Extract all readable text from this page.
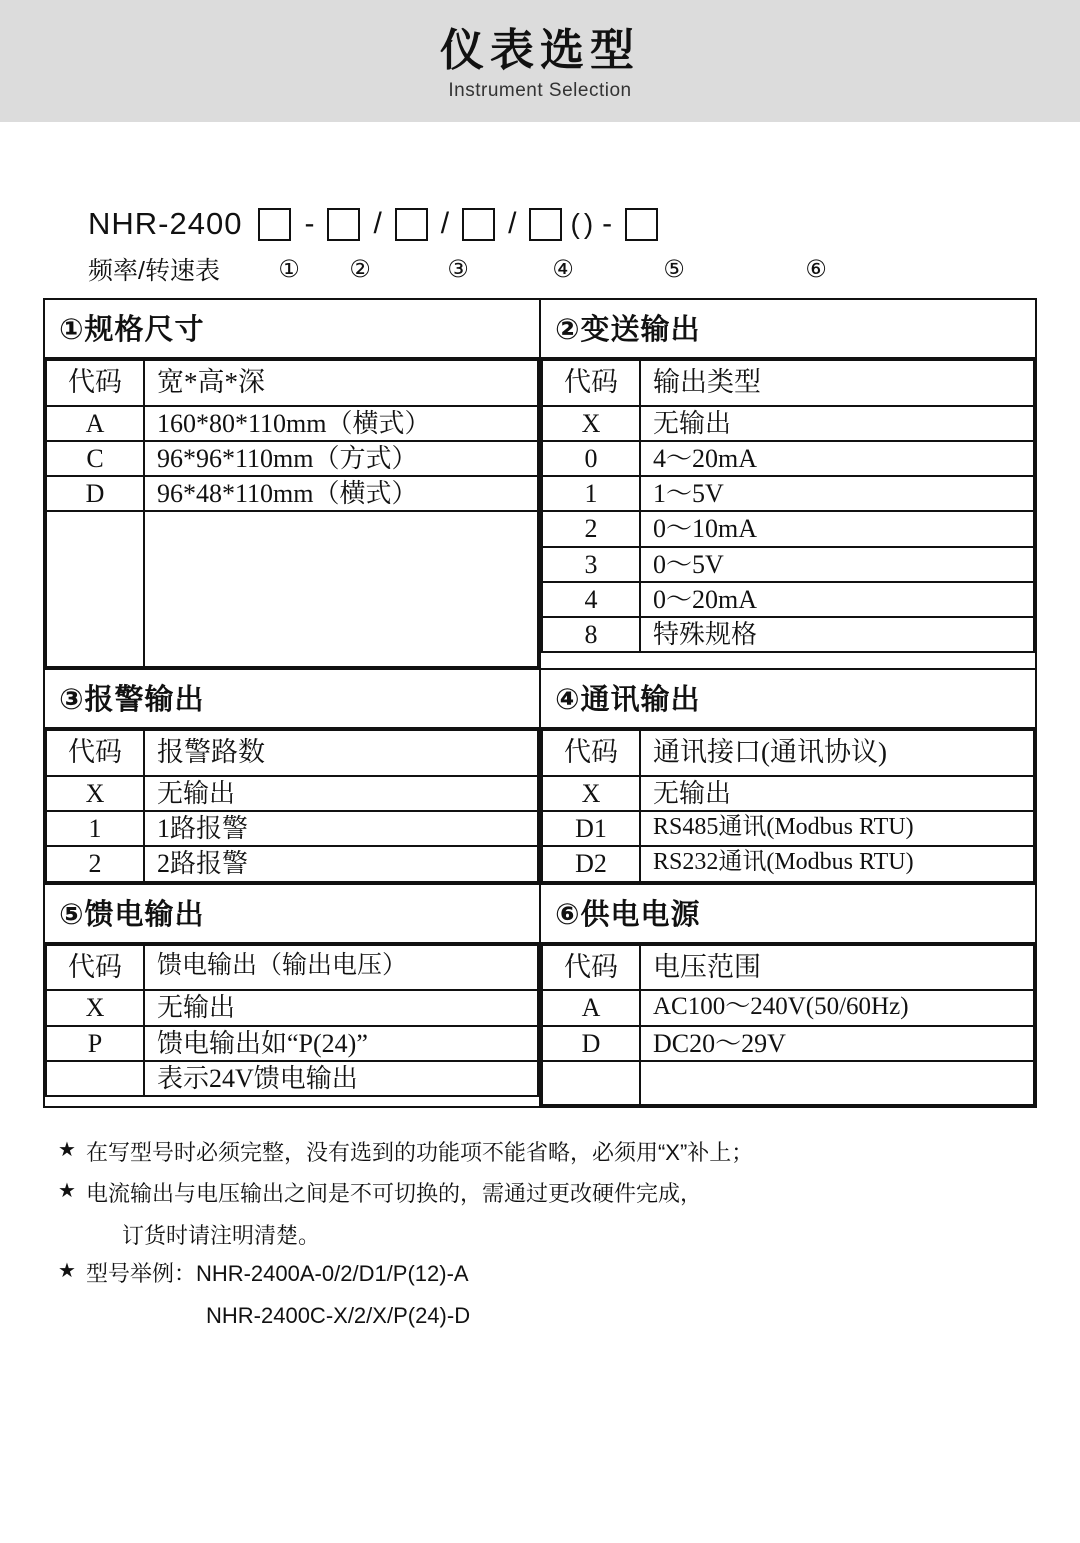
仪表选型
Instrument Selection
NHR-2400 - / / / ( ) -
频率/转速表	①	②	③	④	⑤	⑥
①规格尺寸	②变送输出

代码	宽*高*深
A	160*80*110mm（横式）
C	96*96*110mm（方式）
D	96*48*110mm（横式）

代码	输出类型
X	无输出
0	4～20mA
1	1～5V
2	0～10mA
3	0～5V
4	0～20mA
8	特殊规格

③报警输出	④通讯输出

代码	报警路数
X	无输出
1	1路报警
2	2路报警

代码	通讯接口(通讯协议)
X	无输出
D1	RS485通讯(Modbus RTU)
D2	RS232通讯(Modbus RTU)

⑤馈电输出	⑥供电电源

代码	馈电输出（输出电压）
X	无输出
P	馈电输出如“P(24)”
	表示24V馈电输出

代码	电压范围
A	AC100～240V(50/60Hz)
D	DC20～29V

★ 在写型号时必须完整，没有选到的功能项不能省略，必须用“X”补上；
★ 电流输出与电压输出之间是不可切换的，需通过更改硬件完成，
订货时请注明清楚。
★ 型号举例：NHR-2400A-0/2/D1/P(12)-A
NHR-2400C-X/2/X/P(24)-D
